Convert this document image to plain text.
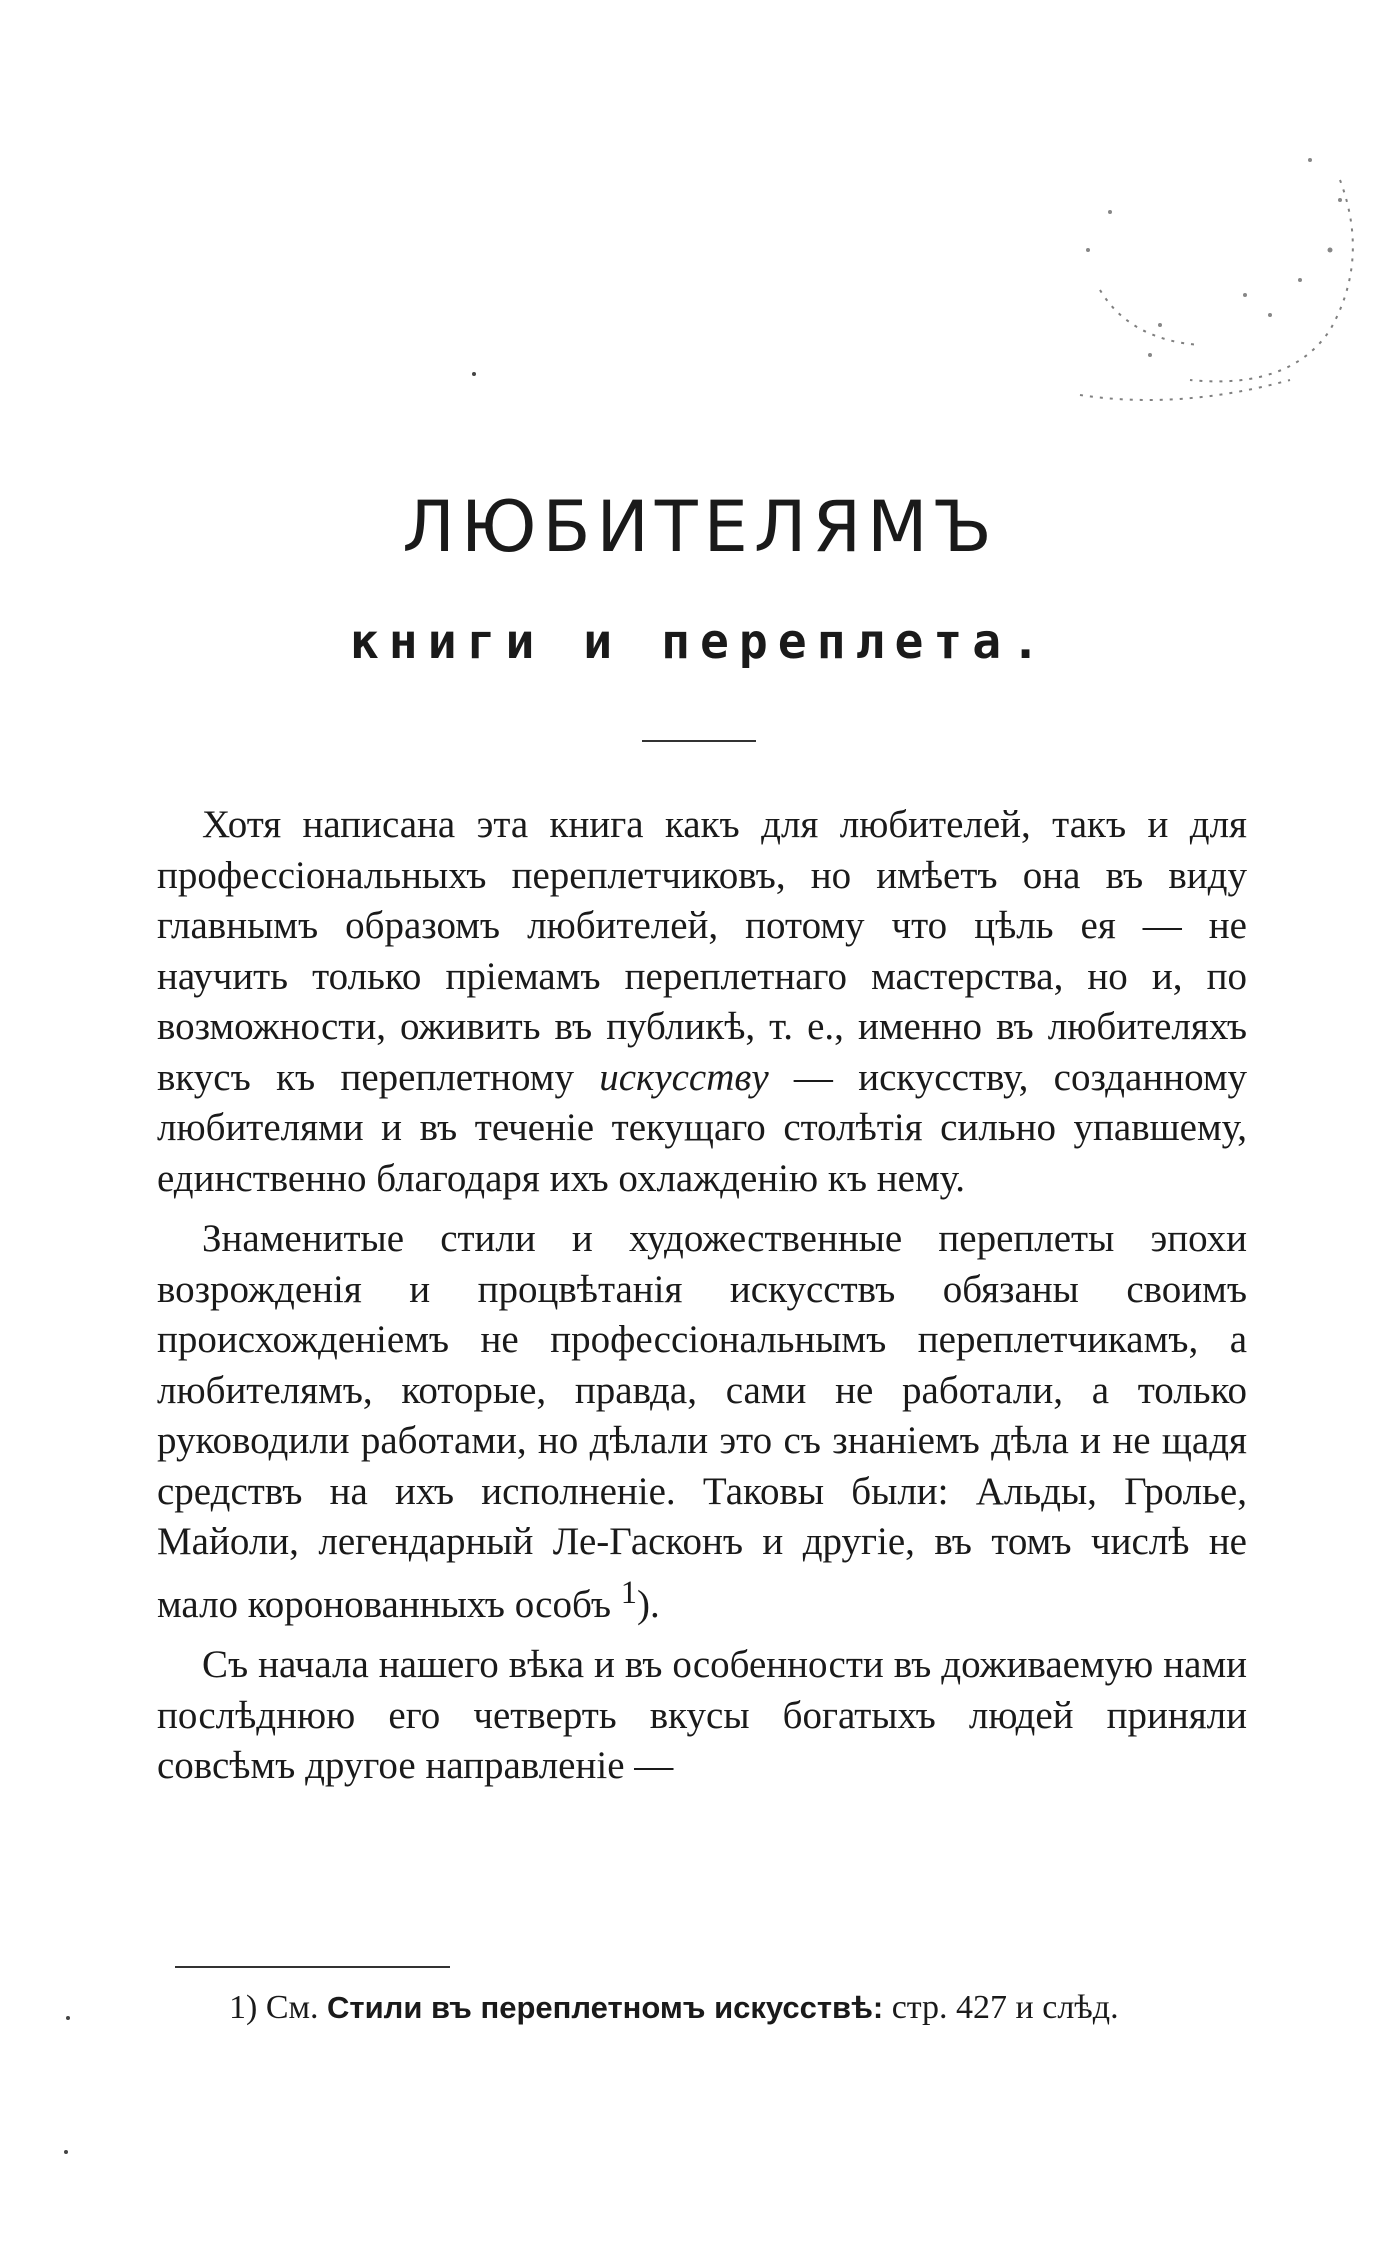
ЛЮБИТЕЛЯМЪ
книги и переплета.

Хотя написана эта книга какъ для любителей, такъ и для профессiональныхъ переплетчиковъ, но имѣетъ она въ виду главнымъ образомъ любителей, потому что цѣль ея — не научить только прiемамъ переплетнаго мастерства, но и, по возможности, оживить въ публикѣ, т. е., именно въ любителяхъ вкусъ къ переплетному искусству — искусству, созданному любителями и въ теченiе текущаго столѣтiя сильно упавшему, единственно благодаря ихъ охлажденiю къ нему.

Знаменитые стили и художественные переплеты эпохи возрожденiя и процвѣтанiя искусствъ обязаны своимъ происхожденiемъ не профессiональнымъ переплетчикамъ, а любителямъ, которые, правда, сами не работали, а только руководили работами, но дѣлали это съ знанiемъ дѣла и не щадя средствъ на ихъ исполненiе. Таковы были: Альды, Гролье, Майоли, легендарный Ле-Гасконъ и другiе, въ томъ числѣ не мало коронованныхъ особъ $^1$).

Съ начала нашего вѣка и въ особенности въ доживаемую нами послѣднюю его четверть вкусы богатыхъ людей приняли совсѣмъ другое направленiе —

1) См. Стили въ переплетномъ искусствѣ: стр. 427 и слѣд.
